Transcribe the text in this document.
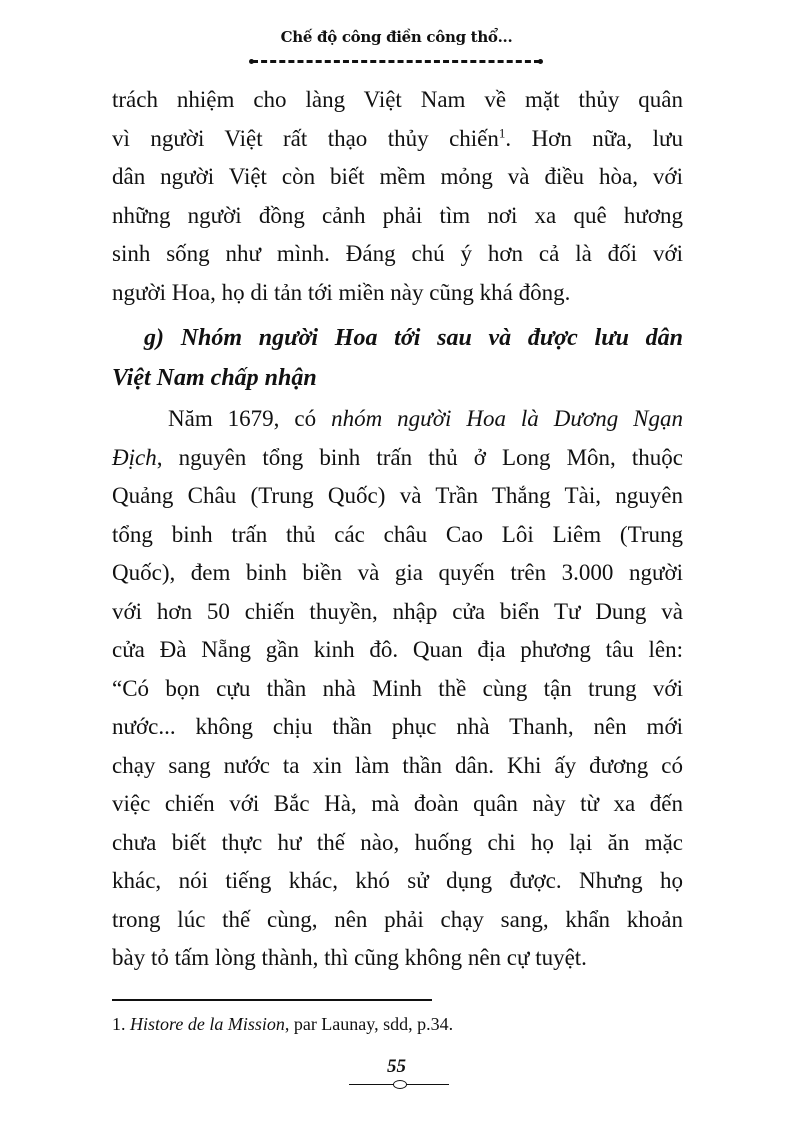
Chế độ công điền công thổ...
trách nhiệm cho làng Việt Nam về mặt thủy quân
vì người Việt rất thạo thủy chiến$^1$. Hơn nữa, lưu
dân người Việt còn biết mềm mỏng và điều hòa, với
những người đồng cảnh phải tìm nơi xa quê hương
sinh sống như mình. Đáng chú ý hơn cả là đối với
người Hoa, họ di tản tới miền này cũng khá đông.
g) Nhóm người Hoa tới sau và được lưu dân
Việt Nam chấp nhận
Năm 1679, có nhóm người Hoa là Dương Ngạn
Địch, nguyên tổng binh trấn thủ ở Long Môn, thuộc
Quảng Châu (Trung Quốc) và Trần Thắng Tài, nguyên
tổng binh trấn thủ các châu Cao Lôi Liêm (Trung
Quốc), đem binh biền và gia quyến trên 3.000 người
với hơn 50 chiến thuyền, nhập cửa biển Tư Dung và
cửa Đà Nẵng gần kinh đô. Quan địa phương tâu lên:
“Có bọn cựu thần nhà Minh thề cùng tận trung với
nước... không chịu thần phục nhà Thanh, nên mới
chạy sang nước ta xin làm thần dân. Khi ấy đương có
việc chiến với Bắc Hà, mà đoàn quân này từ xa đến
chưa biết thực hư thế nào, huống chi họ lại ăn mặc
khác, nói tiếng khác, khó sử dụng được. Nhưng họ
trong lúc thế cùng, nên phải chạy sang, khẩn khoản
bày tỏ tấm lòng thành, thì cũng không nên cự tuyệt.
1. Histore de la Mission, par Launay, sdd, p.34.
55
